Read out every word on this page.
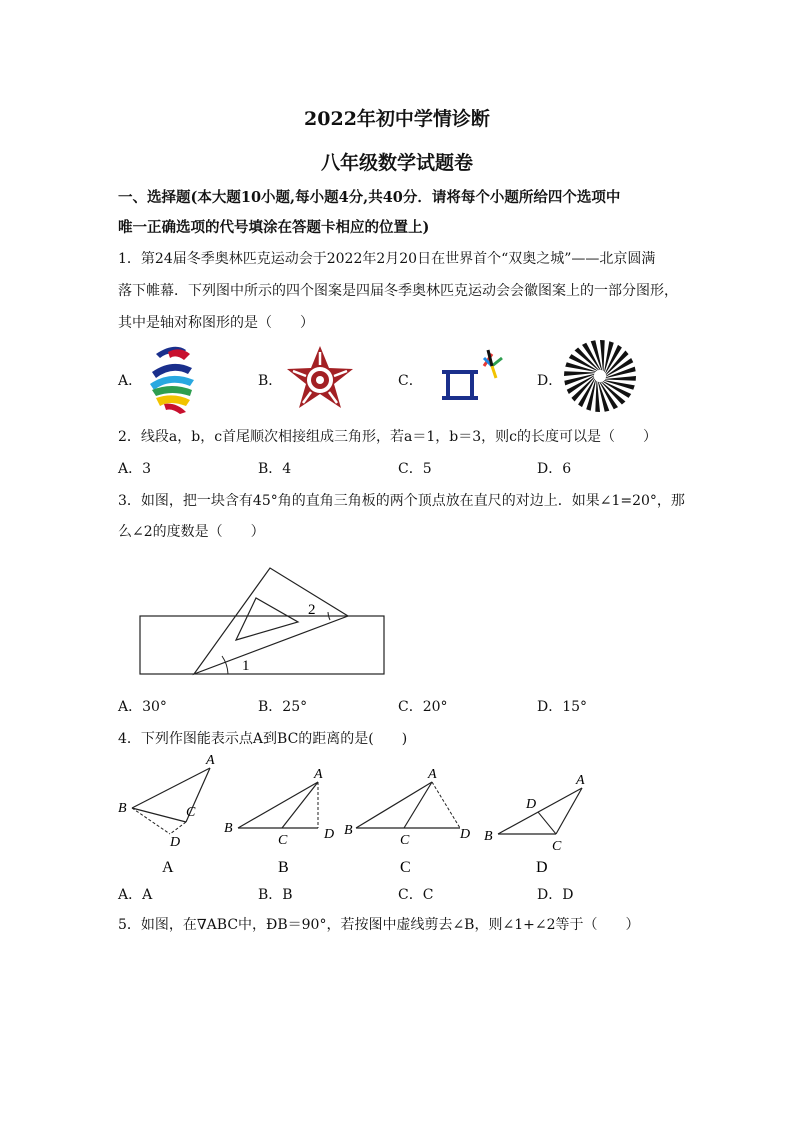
2022年初中学情诊断
八年级数学试题卷
一、选择题(本大题10小题,每小题4分,共40分．请将每个小题所给四个选项中
唯一正确选项的代号填涂在答题卡相应的位置上)
1．第24届冬季奥林匹克运动会于2022年2月20日在世界首个“双奥之城”——北京圆满
落下帷幕．下列图中所示的四个图案是四届冬季奥林匹克运动会会徽图案上的一部分图形，
其中是轴对称图形的是（　　）
A．	B．	C．	D．
2．线段a，b，c首尾顺次相接组成三角形，若a＝1，b＝3，则c的长度可以是（　　）
A．3	B．4	C．5	D．6
3．如图，把一块含有45°角的直角三角板的两个顶点放在直尺的对边上．如果∠1=20°，那
么∠2的度数是（　　）
1
2
A．30°	B．25°	C．20°	D．15°
4．下列作图能表示点A到BC的距离的是(　　)
A
B	C
D
A
B
C	D
A
B
C	D
A
B
C
D
A	B	C	D
A．A	B．B	C．C	D．D
5．如图，在∇ABC中，ÐB＝90°，若按图中虚线剪去∠B，则∠1+∠2等于（　　）
